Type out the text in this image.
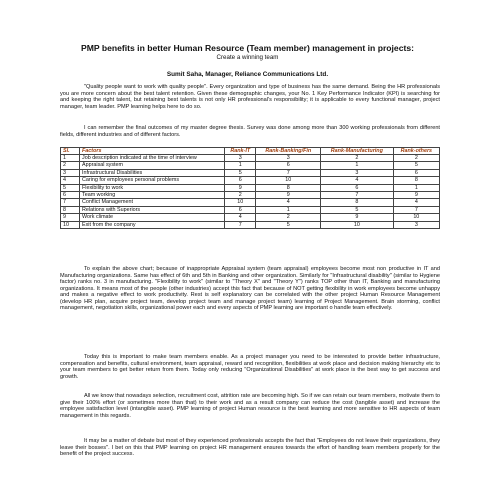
PMP benefits in better Human Resource (Team member) management in projects:
Create a winning team
Sumit Saha, Manager, Reliance Communications Ltd.

"Quality people want to work with quality people". Every organization and type of business has the same demand. Being the HR professionals you are more concern about the best talent retention. Given these demographic changes, your No. 1 Key Performance Indicator (KPI) is searching for and keeping the right talent, but retaining best talents is not only HR professional's responsibility; it is applicable to every functional manager, project manager, team leader. PMP learning helps here to do so.

I can remember the final outcomes of my master degree thesis. Survey was done among more than 300 working professionals from different fields, different industries and of different factors.

Sl.	Factors	Rank-IT	Rank-Banking/Fin	Rank-Manufacturing	Rank-others
1	Job description indicated at the time of interview	3	3	2	2
2	Appraisal system	1	6	1	5
3	Infrastructural Disabilities	5	7	3	6
4	Caring for employees personal problems	6	10	4	8
5	Flexibility to work	9	8	6	1
6	Team working	2	9	7	9
7	Conflict Management	10	4	8	4
8	Relations with Superiors	6	1	5	7
9	Work climate	4	2	9	10
10	Exit from the company	7	5	10	3

To explain the above chart; because of inappropriate Appraisal system (team appraisal) employees become most non productive in IT and Manufacturing organizations. Same has effect of 6th and 5th in Banking and other organization. Similarly for "Infrastructural disability" (similar to Hygiene factor) ranks no. 3 in manufacturing. "Flexibility to work" (similar to "Theory X" and "Theory Y") ranks TOP other than IT, Banking and manufacturing organizations. It means most of the people (other industries) accept this fact that because of NOT getting flexibility in work employees become unhappy and makes a negative effect to work productivity. Rest is self explanatory can be correlated with the other project Human Resource Management (develop HR plan, acquire project team, develop project team and manage project team) learning of Project Management. Brain storming, conflict management, negotiation skills, organizational power each and every aspects of PMP learning are important o handle team effectively.

Today this is important to make team members enable. As a project manager you need to be interested to provide better infrastructure, compensation and benefits, cultural environment, team appraisal, reward and recognition, flexibilities at work place and decision making hierarchy etc to your team members to get better return from them. Today only reducing "Organizational Disabilities" at work place is the best way to get success and growth.

All we know that nowadays selection, recruitment cost, attrition rate are becoming high. So if we can retain our team members, motivate them to give their 100% effort (or sometimes more than that) to their work and as a result company can reduce the cost (tangible asset) and increase the employee satisfaction level (intangible asset). PMP learning of project Human resource is the best learning and more sensitive to HR aspects of team management in this regards.

It may be a matter of debate but most of they experienced professionals accepts the fact that "Employees do not leave their organizations, they leave their bosses". I bet on this that PMP learning on project HR management ensures towards the effort of handling team members properly for the benefit of the project success.
